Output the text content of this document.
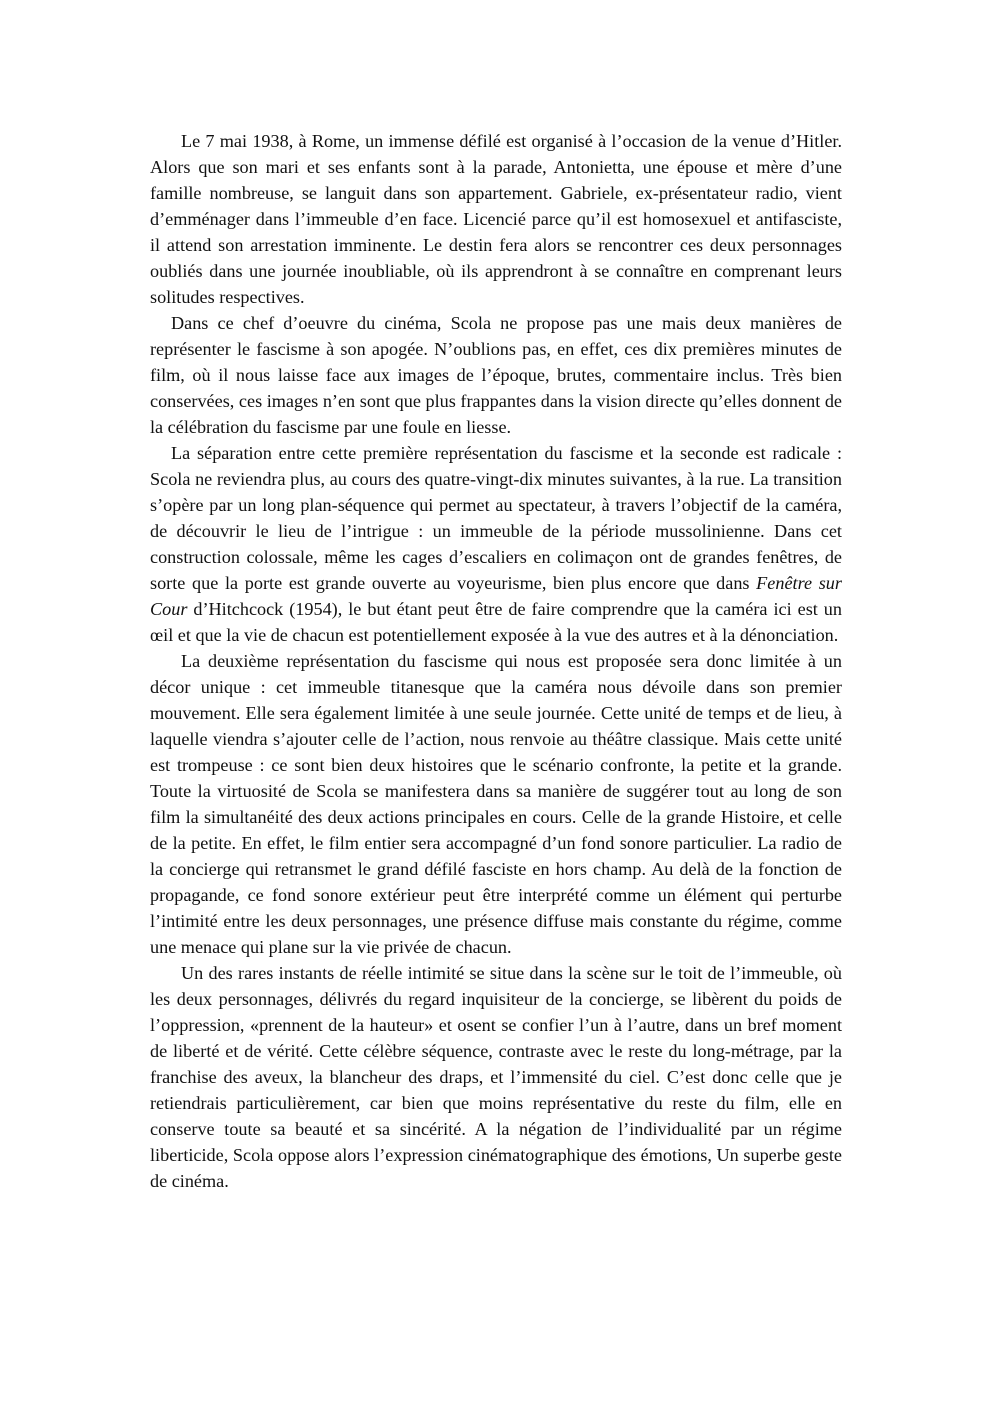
Le 7 mai 1938, à Rome, un immense défilé est organisé à l’occasion de la venue d’Hitler. Alors que son mari et ses enfants sont à la parade, Antonietta, une épouse et mère d’une famille nombreuse, se languit dans son appartement. Gabriele, ex-présentateur radio, vient d’emménager dans l’immeuble d’en face. Licencié parce qu’il est homosexuel et antifasciste, il attend son arrestation imminente. Le destin fera alors se rencontrer ces deux personnages oubliés dans une journée inoubliable, où ils apprendront à se connaître en comprenant leurs solitudes respectives.

Dans ce chef d’oeuvre du cinéma, Scola ne propose pas une mais deux manières de représenter le fascisme à son apogée. N’oublions pas, en effet, ces dix premières minutes de film, où il nous laisse face aux images de l’époque, brutes, commentaire inclus. Très bien conservées, ces images n’en sont que plus frappantes dans la vision directe qu’elles donnent de la célébration du fascisme par une foule en liesse.

La séparation entre cette première représentation du fascisme et la seconde est radicale : Scola ne reviendra plus, au cours des quatre-vingt-dix minutes suivantes, à la rue. La transition s’opère par un long plan-séquence qui permet au spectateur, à travers l’objectif de la caméra, de découvrir le lieu de l’intrigue : un immeuble de la période mussolinienne. Dans cet construction colossale, même les cages d’escaliers en colimaçon ont de grandes fenêtres, de sorte que la porte est grande ouverte au voyeurisme, bien plus encore que dans Fenêtre sur Cour d’Hitchcock (1954), le but étant peut être de faire comprendre que la caméra ici est un œil et que la vie de chacun est potentiellement exposée à la vue des autres et à la dénonciation.

La deuxième représentation du fascisme qui nous est proposée sera donc limitée à un décor unique : cet immeuble titanesque que la caméra nous dévoile dans son premier mouvement. Elle sera également limitée à une seule journée. Cette unité de temps et de lieu, à laquelle viendra s’ajouter celle de l’action, nous renvoie au théâtre classique. Mais cette unité est trompeuse : ce sont bien deux histoires que le scénario confronte, la petite et la grande. Toute la virtuosité de Scola se manifestera dans sa manière de suggérer tout au long de son film la simultanéité des deux actions principales en cours. Celle de la grande Histoire, et celle de la petite. En effet, le film entier sera accompagné d’un fond sonore particulier. La radio de la concierge qui retransmet le grand défilé fasciste en hors champ. Au delà de la fonction de propagande, ce fond sonore extérieur peut être interprété comme un élément qui perturbe l’intimité entre les deux personnages, une présence diffuse mais constante du régime, comme une menace qui plane sur la vie privée de chacun.

Un des rares instants de réelle intimité se situe dans la scène sur le toit de l’immeuble, où les deux personnages, délivrés du regard inquisiteur de la concierge, se libèrent du poids de l’oppression, «prennent de la hauteur» et osent se confier l’un à l’autre, dans un bref moment de liberté et de vérité. Cette célèbre séquence, contraste avec le reste du long-métrage, par la franchise des aveux, la blancheur des draps, et l’immensité du ciel. C’est donc celle que je retiendrais particulièrement, car bien que moins représentative du reste du film, elle en conserve toute sa beauté et sa sincérité. A la négation de l’individualité par un régime liberticide, Scola oppose alors l’expression cinématographique des émotions, Un superbe geste de cinéma.
